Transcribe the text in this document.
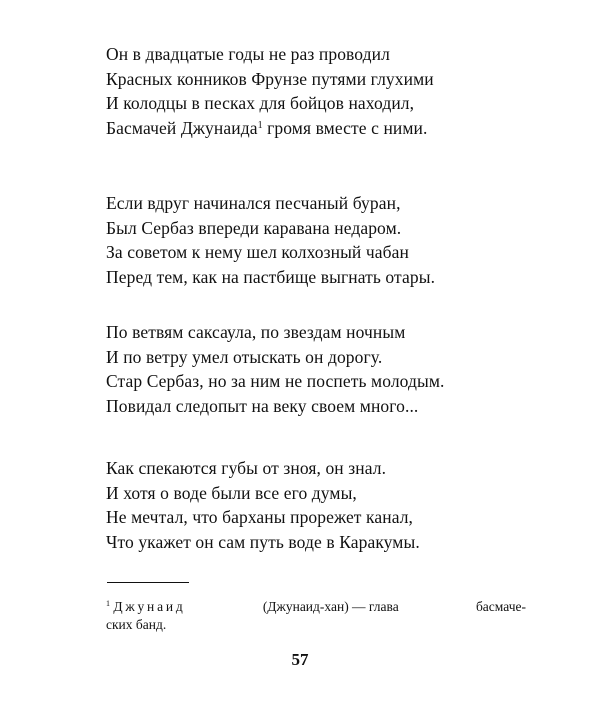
Он в двадцатые годы не раз проводил
Красных конников Фрунзе путями глухими
И колодцы в песках для бойцов находил,
Басмачей Джунаида$^1$ громя вместе с ними.
Если вдруг начинался песчаный буран,
Был Сербаз впереди каравана недаром.
За советом к нему шел колхозный чабан
Перед тем, как на пастбище выгнать отары.
По ветвям саксаула, по звездам ночным
И по ветру умел отыскать он дорогу.
Стар Сербаз, но за ним не поспеть молодым.
Повидал следопыт на веку своем много...
Как спекаются губы от зноя, он знал.
И хотя о воде были все его думы,
Не мечтал, что барханы прорежет канал,
Что укажет он сам путь воде в Каракумы.
$^1$ Джунаид	(Джунаид-хан) — глава	басмаче-
ских банд.
57
